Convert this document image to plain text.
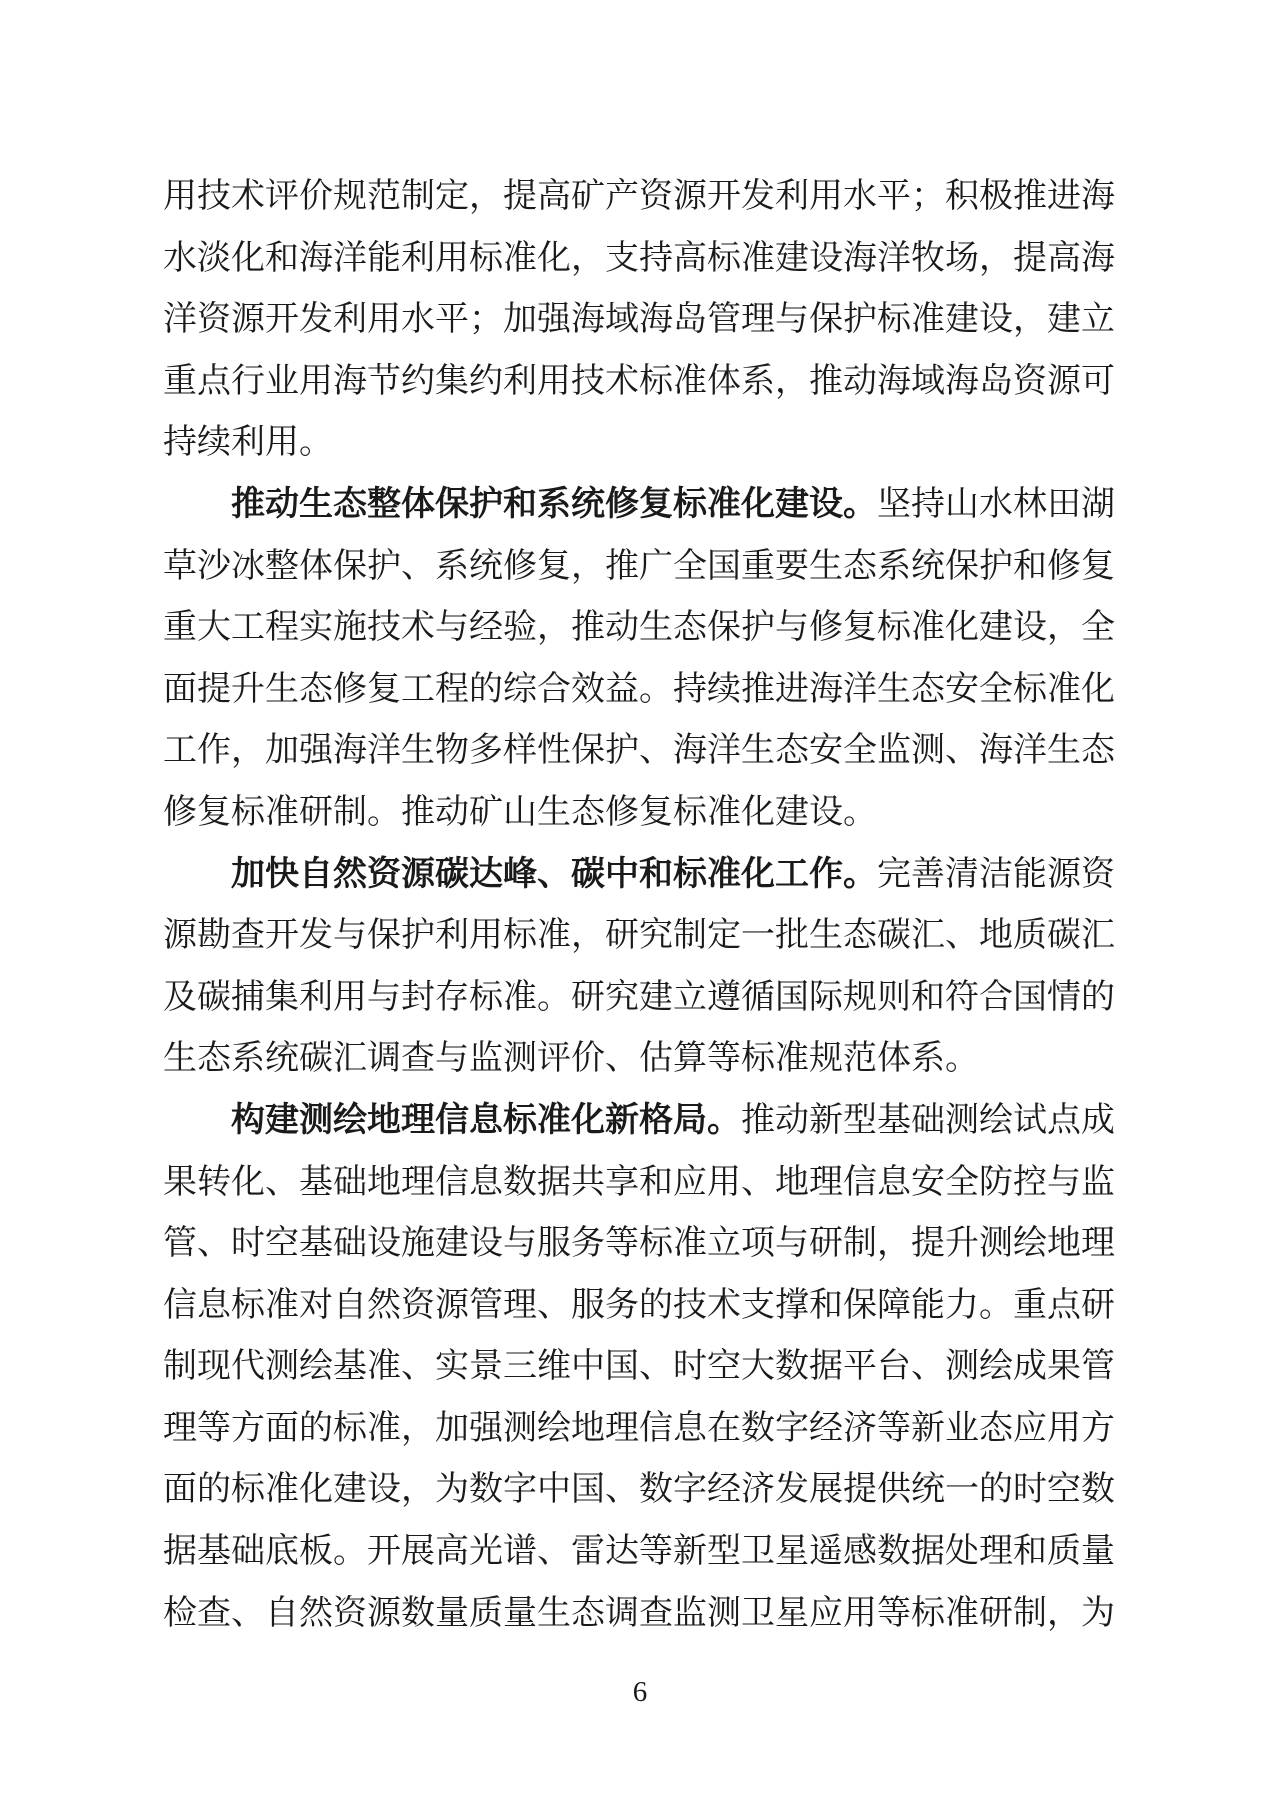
用技术评价规范制定，提高矿产资源开发利用水平；积极推进海
水淡化和海洋能利用标准化，支持高标准建设海洋牧场，提高海
洋资源开发利用水平；加强海域海岛管理与保护标准建设，建立
重点行业用海节约集约利用技术标准体系，推动海域海岛资源可
持续利用。
推动生态整体保护和系统修复标准化建设。坚持山水林田湖
草沙冰整体保护、系统修复，推广全国重要生态系统保护和修复
重大工程实施技术与经验，推动生态保护与修复标准化建设，全
面提升生态修复工程的综合效益。持续推进海洋生态安全标准化
工作，加强海洋生物多样性保护、海洋生态安全监测、海洋生态
修复标准研制。推动矿山生态修复标准化建设。
加快自然资源碳达峰、碳中和标准化工作。完善清洁能源资
源勘查开发与保护利用标准，研究制定一批生态碳汇、地质碳汇
及碳捕集利用与封存标准。研究建立遵循国际规则和符合国情的
生态系统碳汇调查与监测评价、估算等标准规范体系。
构建测绘地理信息标准化新格局。推动新型基础测绘试点成
果转化、基础地理信息数据共享和应用、地理信息安全防控与监
管、时空基础设施建设与服务等标准立项与研制，提升测绘地理
信息标准对自然资源管理、服务的技术支撑和保障能力。重点研
制现代测绘基准、实景三维中国、时空大数据平台、测绘成果管
理等方面的标准，加强测绘地理信息在数字经济等新业态应用方
面的标准化建设，为数字中国、数字经济发展提供统一的时空数
据基础底板。开展高光谱、雷达等新型卫星遥感数据处理和质量
检查、自然资源数量质量生态调查监测卫星应用等标准研制，为
6
